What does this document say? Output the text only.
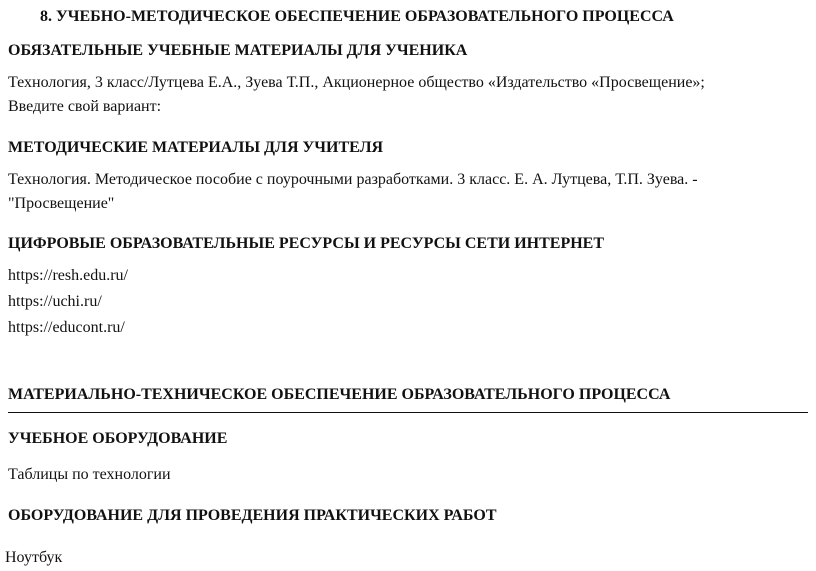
8. УЧЕБНО-МЕТОДИЧЕСКОЕ ОБЕСПЕЧЕНИЕ ОБРАЗОВАТЕЛЬНОГО ПРОЦЕССА
ОБЯЗАТЕЛЬНЫЕ УЧЕБНЫЕ МАТЕРИАЛЫ ДЛЯ УЧЕНИКА
Технология, 3 класс/Лутцева Е.А., Зуева Т.П., Акционерное общество «Издательство «Просвещение»;
Введите свой вариант:
МЕТОДИЧЕСКИЕ МАТЕРИАЛЫ ДЛЯ УЧИТЕЛЯ
Технология. Методическое пособие с поурочными разработками. 3 класс. Е. А. Лутцева, Т.П. Зуева. -
"Просвещение"
ЦИФРОВЫЕ ОБРАЗОВАТЕЛЬНЫЕ РЕСУРСЫ И РЕСУРСЫ СЕТИ ИНТЕРНЕТ
https://resh.edu.ru/
https://uchi.ru/
https://educont.ru/
МАТЕРИАЛЬНО-ТЕХНИЧЕСКОЕ ОБЕСПЕЧЕНИЕ ОБРАЗОВАТЕЛЬНОГО ПРОЦЕССА
УЧЕБНОЕ ОБОРУДОВАНИЕ
Таблицы по технологии
ОБОРУДОВАНИЕ ДЛЯ ПРОВЕДЕНИЯ ПРАКТИЧЕСКИХ РАБОТ
Ноутбук
